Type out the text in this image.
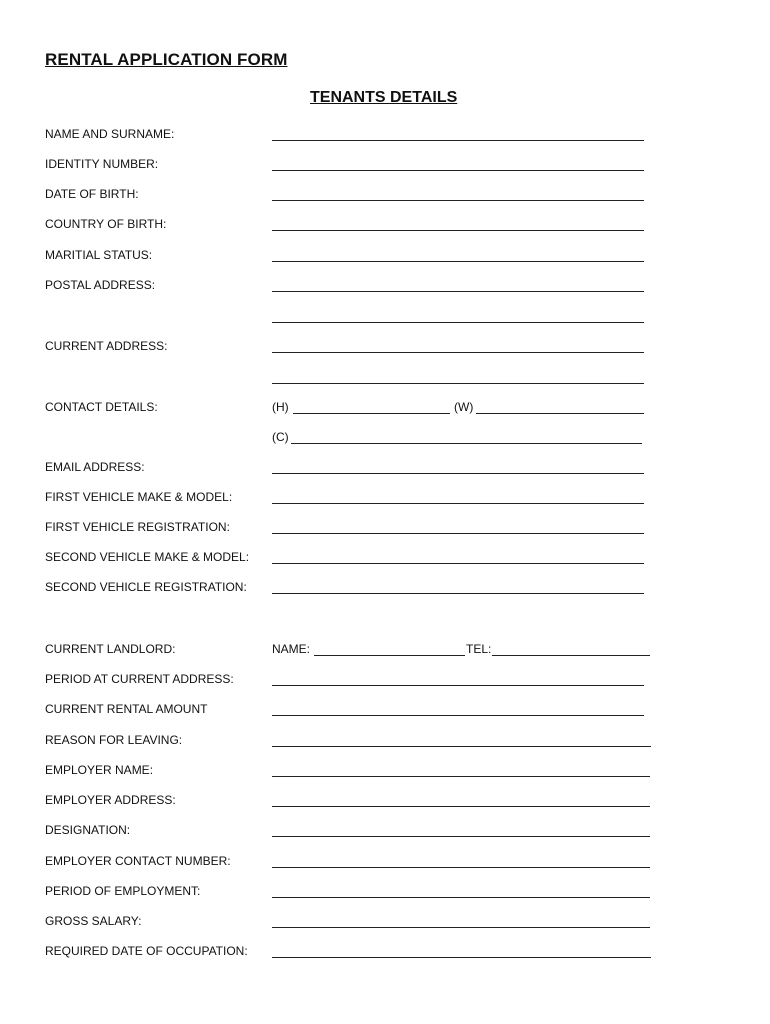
RENTAL APPLICATION FORM
TENANTS DETAILS
NAME AND SURNAME:
IDENTITY NUMBER:
DATE OF BIRTH:
COUNTRY OF BIRTH:
MARITIAL STATUS:
POSTAL ADDRESS:
CURRENT ADDRESS:
CONTACT DETAILS:	(H)	(W)
(C)
EMAIL ADDRESS:
FIRST VEHICLE MAKE & MODEL:
FIRST VEHICLE REGISTRATION:
SECOND VEHICLE MAKE & MODEL:
SECOND VEHICLE REGISTRATION:
CURRENT LANDLORD:	NAME:	TEL:
PERIOD AT CURRENT ADDRESS:
CURRENT RENTAL AMOUNT
REASON FOR LEAVING:
EMPLOYER NAME:
EMPLOYER ADDRESS:
DESIGNATION:
EMPLOYER CONTACT NUMBER:
PERIOD OF EMPLOYMENT:
GROSS SALARY:
REQUIRED DATE OF OCCUPATION:
